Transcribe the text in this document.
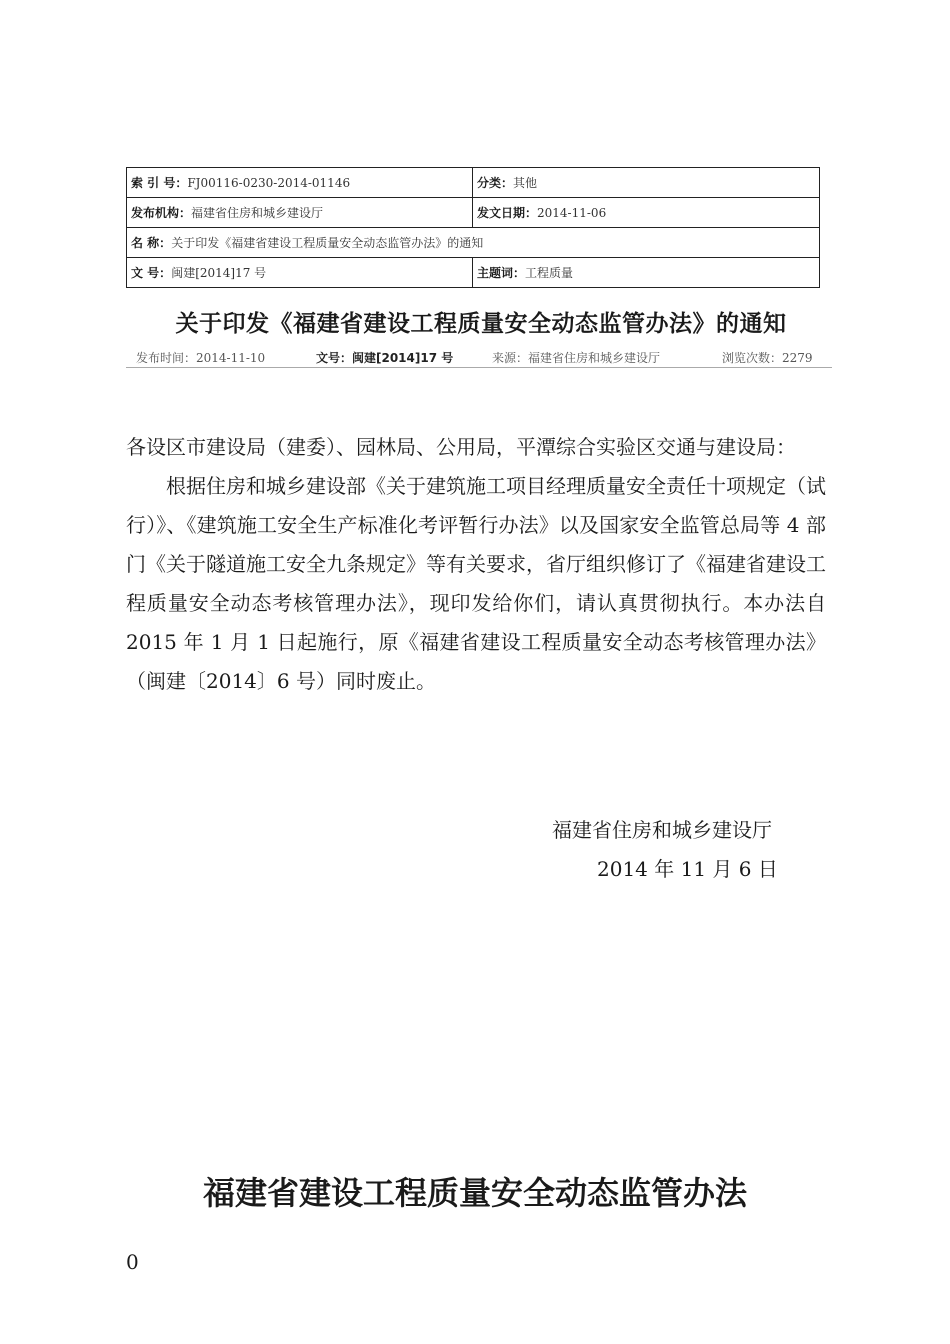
索 引 号：FJ00116-0230-2014-01146	分类：其他
发布机构：福建省住房和城乡建设厅	发文日期：2014-11-06
名 称：关于印发《福建省建设工程质量安全动态监管办法》的通知	
文 号：闽建[2014]17 号	主题词：工程质量
关于印发《福建省建设工程质量安全动态监管办法》的通知
发布时间：2014-11-10	文号：闽建[2014]17 号	来源：福建省住房和城乡建设厅	浏览次数：2279

各设区市建设局（建委）、园林局、公用局，平潭综合实验区交通与建设局：

根据住房和城乡建设部《关于建筑施工项目经理质量安全责任十项规定（试行）》、《建筑施工安全生产标准化考评暂行办法》以及国家安全监管总局等 4 部门《关于隧道施工安全九条规定》等有关要求，省厅组织修订了《福建省建设工程质量安全动态考核管理办法》，现印发给你们，请认真贯彻执行。本办法自 2015 年 1 月 1 日起施行，原《福建省建设工程质量安全动态考核管理办法》（闽建〔2014〕6 号）同时废止。

福建省住房和城乡建设厅
2014 年 11 月 6 日
福建省建设工程质量安全动态监管办法
0
